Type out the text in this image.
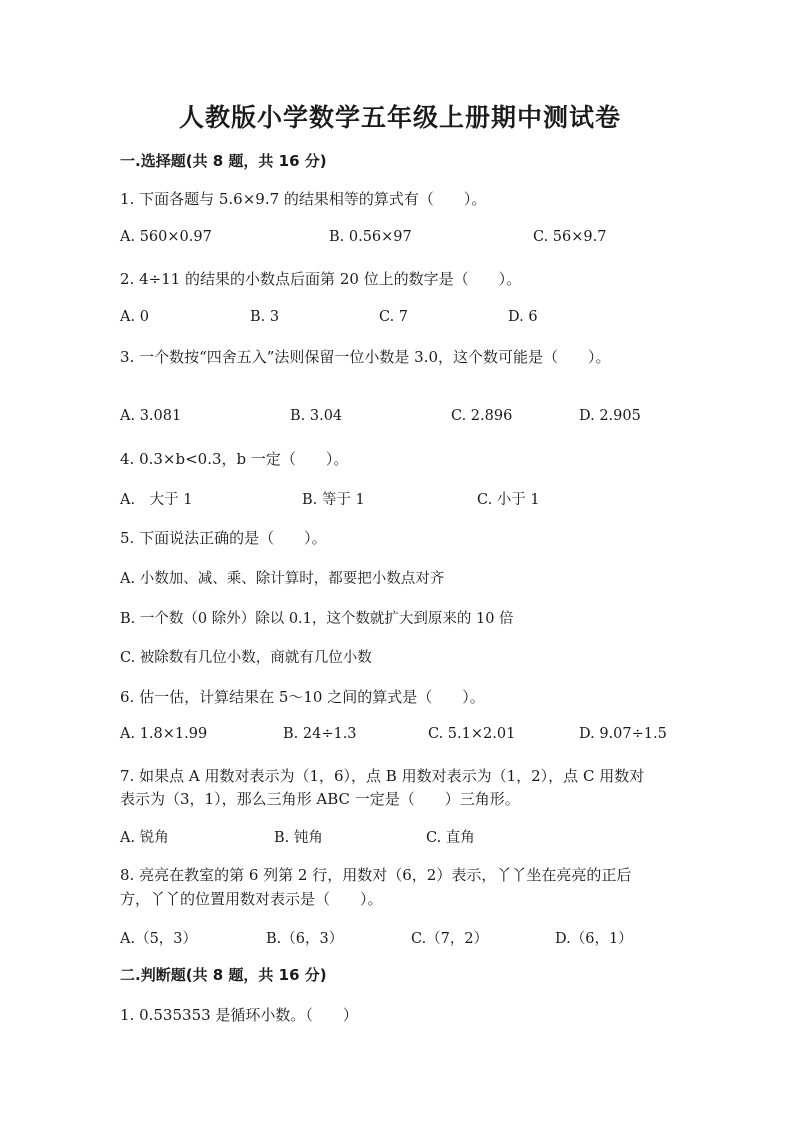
人教版小学数学五年级上册期中测试卷
一.选择题(共 8 题，共 16 分)
1. 下面各题与 5.6×9.7 的结果相等的算式有（　　）。
A. 560×0.97	B. 0.56×97	C. 56×9.7
2. 4÷11 的结果的小数点后面第 20 位上的数字是（　　）。
A. 0	B. 3	C. 7	D. 6
3. 一个数按“四舍五入”法则保留一位小数是 3.0，这个数可能是（　　）。
A. 3.081	B. 3.04	C. 2.896	D. 2.905
4. 0.3×b<0.3，b 一定（　　）。
A.　大于 1	B. 等于 1	C. 小于 1
5. 下面说法正确的是（　　）。
A. 小数加、减、乘、除计算时，都要把小数点对齐
B. 一个数（0 除外）除以 0.1，这个数就扩大到原来的 10 倍
C. 被除数有几位小数，商就有几位小数
6. 估一估，计算结果在 5～10 之间的算式是（　　）。
A. 1.8×1.99	B. 24÷1.3	C. 5.1×2.01	D. 9.07÷1.5
7. 如果点 A 用数对表示为（1，6），点 B 用数对表示为（1，2），点 C 用数对
表示为（3，1），那么三角形 ABC 一定是（　　）三角形。
A. 锐角	B. 钝角	C. 直角
8. 亮亮在教室的第 6 列第 2 行，用数对（6，2）表示，丫丫坐在亮亮的正后
方，丫丫的位置用数对表示是（　　）。
A.（5，3）	B.（6，3）	C.（7，2）	D.（6，1）
二.判断题(共 8 题，共 16 分)
1. 0.535353 是循环小数。（　　）
